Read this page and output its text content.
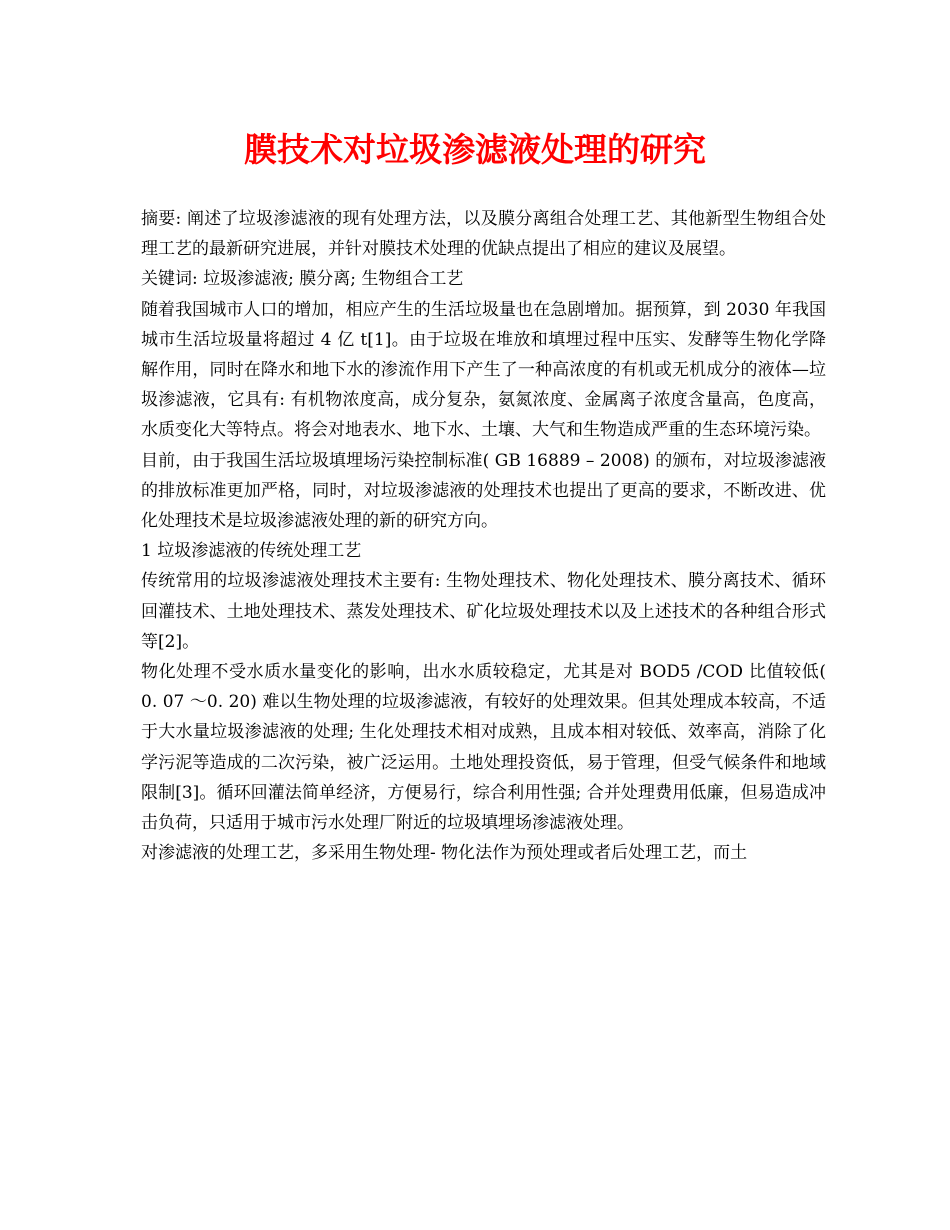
膜技术对垃圾渗滤液处理的研究

摘要: 阐述了垃圾渗滤液的现有处理方法，以及膜分离组合处理工艺、其他新型生物组合处理工艺的最新研究进展，并针对膜技术处理的优缺点提出了相应的建议及展望。

关键词: 垃圾渗滤液; 膜分离; 生物组合工艺

随着我国城市人口的增加，相应产生的生活垃圾量也在急剧增加。据预算，到 2030 年我国城市生活垃圾量将超过 4 亿 t[1]。由于垃圾在堆放和填埋过程中压实、发酵等生物化学降解作用，同时在降水和地下水的渗流作用下产生了一种高浓度的有机或无机成分的液体—垃圾渗滤液，它具有: 有机物浓度高，成分复杂，氨氮浓度、金属离子浓度含量高，色度高，水质变化大等特点。将会对地表水、地下水、土壤、大气和生物造成严重的生态环境污染。

目前，由于我国生活垃圾填埋场污染控制标准( GB 16889 – 2008) 的颁布，对垃圾渗滤液的排放标准更加严格，同时，对垃圾渗滤液的处理技术也提出了更高的要求，不断改进、优化处理技术是垃圾渗滤液处理的新的研究方向。

1 垃圾渗滤液的传统处理工艺

传统常用的垃圾渗滤液处理技术主要有: 生物处理技术、物化处理技术、膜分离技术、循环回灌技术、土地处理技术、蒸发处理技术、矿化垃圾处理技术以及上述技术的各种组合形式等[2]。

物化处理不受水质水量变化的影响，出水水质较稳定，尤其是对 BOD5 /COD 比值较低( 0. 07 ～0. 20) 难以生物处理的垃圾渗滤液，有较好的处理效果。但其处理成本较高，不适于大水量垃圾渗滤液的处理; 生化处理技术相对成熟，且成本相对较低、效率高，消除了化学污泥等造成的二次污染，被广泛运用。土地处理投资低，易于管理，但受气候条件和地域限制[3]。循环回灌法简单经济，方便易行，综合利用性强; 合并处理费用低廉，但易造成冲击负荷，只适用于城市污水处理厂附近的垃圾填埋场渗滤液处理。

对渗滤液的处理工艺，多采用生物处理- 物化法作为预处理或者后处理工艺，而土
